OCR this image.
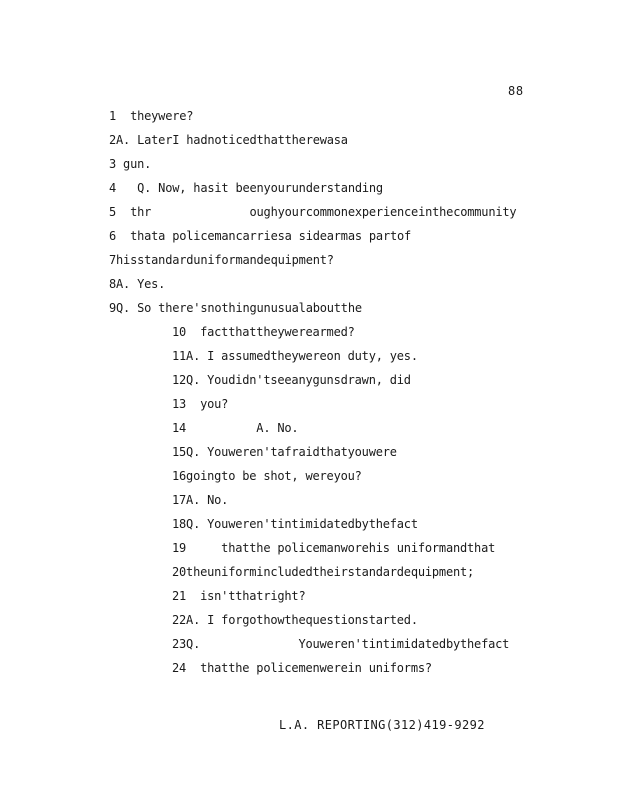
88
1  theywere?
2A. LaterI hadnoticedthattherewasa
3 gun.
4   Q. Now, hasit beenyourunderstanding
5  thr              oughyourcommonexperienceinthecommunity
6  thata policemancarriesa sidearmas partof
7hisstandarduniformandequipment?
8A. Yes.
9Q. So there'snothingunusualaboutthe
10  factthattheywerearmed?
11A. I assumedtheywereon duty, yes.
12Q. Youdidn'tseeanygunsdrawn, did
13  you?
14          A. No.
15Q. Youweren'tafraidthatyouwere
16goingto be shot, wereyou?
17A. No.
18Q. Youweren'tintimidatedbythefact
19     thatthe policemanworehis uniformandthat
20theuniformincludedtheirstandardequipment;
21  isn'tthatright?
22A. I forgothowthequestionstarted.
23Q.              Youweren'tintimidatedbythefact
24  thatthe policemenwerein uniforms?
L.A. REPORTING(312)419-9292
